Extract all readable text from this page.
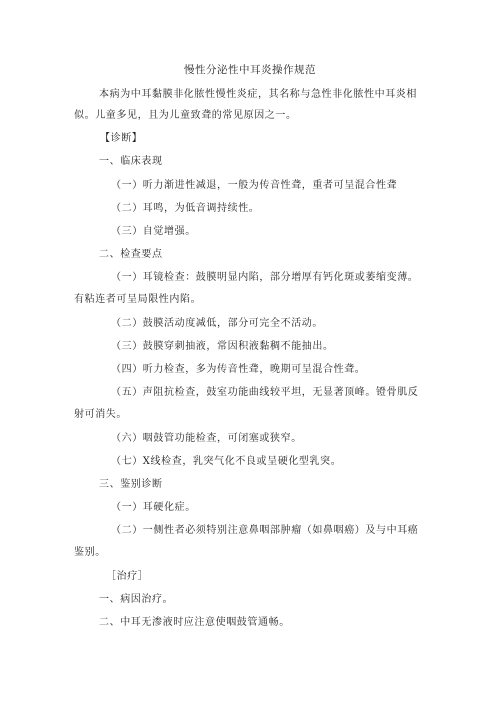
慢性分泌性中耳炎操作规范
本病为中耳黏膜非化脓性慢性炎症，其名称与急性非化脓性中耳炎相
似。儿童多见，且为儿童致聋的常见原因之一。
【诊断】
一、临床表现
（一）听力渐进性减退，一般为传音性聋，重者可呈混合性聋
（二）耳鸣，为低音调持续性。
（三）自觉增强。
二、检查要点
（一）耳镜检查：鼓膜明显内陷，部分增厚有钙化斑或萎缩变薄。
有粘连者可呈局限性内陷。
（二）鼓膜活动度减低，部分可完全不活动。
（三）鼓膜穿刺抽液，常因积液黏稠不能抽出。
（四）听力检查，多为传音性聋，晚期可呈混合性聋。
（五）声阻抗检查，鼓室功能曲线较平坦，无显著顶峰。镫骨肌反
射可消失。
（六）咽鼓管功能检查，可闭塞或狭窄。
（七）X线检查，乳突气化不良或呈硬化型乳突。
三、鉴别诊断
（一）耳硬化症。
（二）一侧性者必须特别注意鼻咽部肿瘤（如鼻咽癌）及与中耳癌
鉴别。
［治疗］
一、病因治疗。
二、中耳无渗液时应注意使咽鼓管通畅。
